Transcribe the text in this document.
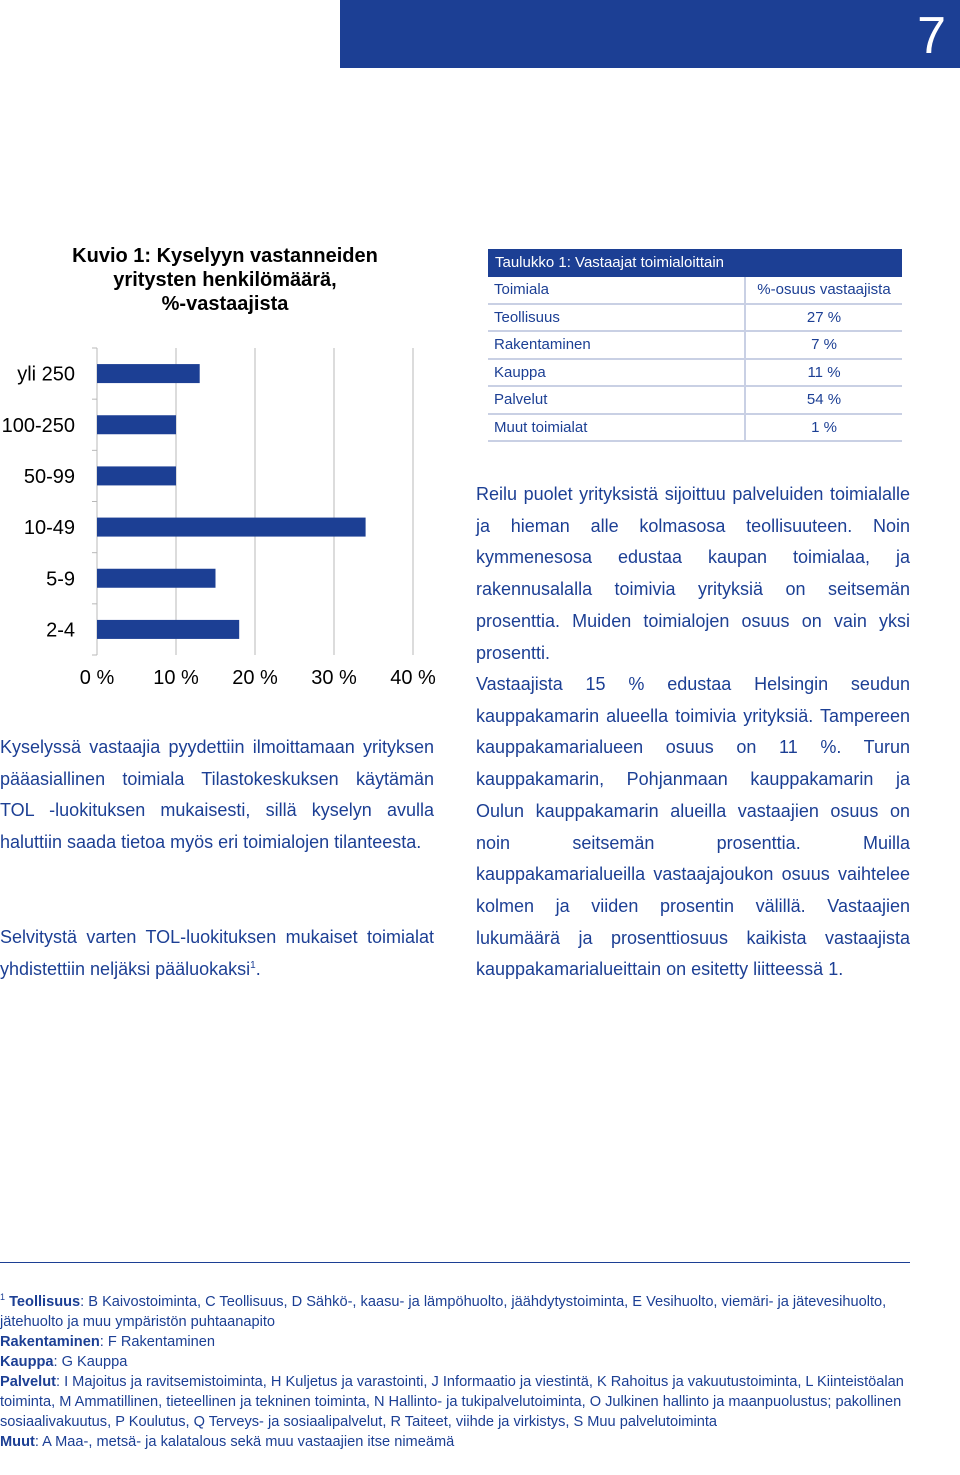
7
Kuvio 1: Kyselyyn vastanneiden
yritysten henkilömäärä,
%-vastaajista
0 % 10 % 20 % 30 % 40 %
yli 250
100-250
50-99
10-49
5-9
2-4
Taulukko 1: Vastaajat toimialoittain
Toimiala	%-osuus vastaajista
Teollisuus	27 %
Rakentaminen	7 %
Kauppa	11 %
Palvelut	54 %
Muut toimialat	1 %

Reilu puolet yrityksistä sijoittuu palveluiden toimialalle ja hieman alle kolmasosa teollisuuteen. Noin kymmenesosa edustaa kaupan toimialaa, ja rakennusalalla toimivia yrityksiä on seitsemän prosenttia. Muiden toimialojen osuus on vain yksi prosentti.

Vastaajista 15 % edustaa Helsingin seudun kauppakamarin alueella toimivia yrityksiä. Tampereen kauppakamarialueen osuus on 11 %. Turun kauppakamarin, Pohjanmaan kauppakamarin ja Oulun kauppakamarin alueilla vastaajien osuus on noin seitsemän prosenttia. Muilla kauppakamarialueilla vastaajajoukon osuus vaihtelee kolmen ja viiden prosentin välillä. Vastaajien lukumäärä ja prosenttiosuus kaikista vastaajista kauppakamarialueittain on esitetty liitteessä 1.

Kyselyssä vastaajia pyydettiin ilmoittamaan yrityksen pääasiallinen toimiala Tilastokeskuksen käytämän TOL -luokituksen mukaisesti, sillä kyselyn avulla haluttiin saada tietoa myös eri toimialojen tilanteesta.

Selvitystä varten TOL-luokituksen mukaiset toimialat yhdistettiin neljäksi pääluokaksi$^1$.

$^1$ Teollisuus: B Kaivostoiminta, C Teollisuus, D Sähkö-, kaasu- ja lämpöhuolto, jäähdytystoiminta, E Vesihuolto, viemäri- ja jätevesihuolto, jätehuolto ja muu ympäristön puhtaanapito

Rakentaminen: F Rakentaminen

Kauppa: G Kauppa

Palvelut: I Majoitus ja ravitsemistoiminta, H Kuljetus ja varastointi, J Informaatio ja viestintä, K Rahoitus ja vakuutustoiminta, L Kiinteistöalan toiminta, M Ammatillinen, tieteellinen ja tekninen toiminta, N Hallinto- ja tukipalvelutoiminta, O Julkinen hallinto ja maanpuolustus; pakollinen sosiaalivakuutus, P Koulutus, Q Terveys- ja sosiaalipalvelut, R Taiteet, viihde ja virkistys, S Muu palvelutoiminta

Muut: A Maa-, metsä- ja kalatalous sekä muu vastaajien itse nimeämä
